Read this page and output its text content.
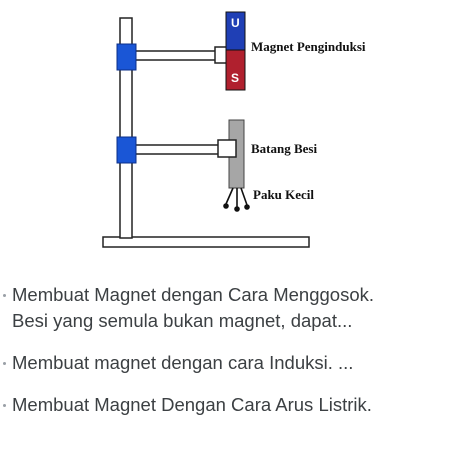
U
S
Magnet Penginduksi
Batang Besi
Paku Kecil
Membuat Magnet dengan Cara Menggosok.
Besi yang semula bukan magnet, dapat...
Membuat magnet dengan cara Induksi. ...
Membuat Magnet Dengan Cara Arus Listrik.
